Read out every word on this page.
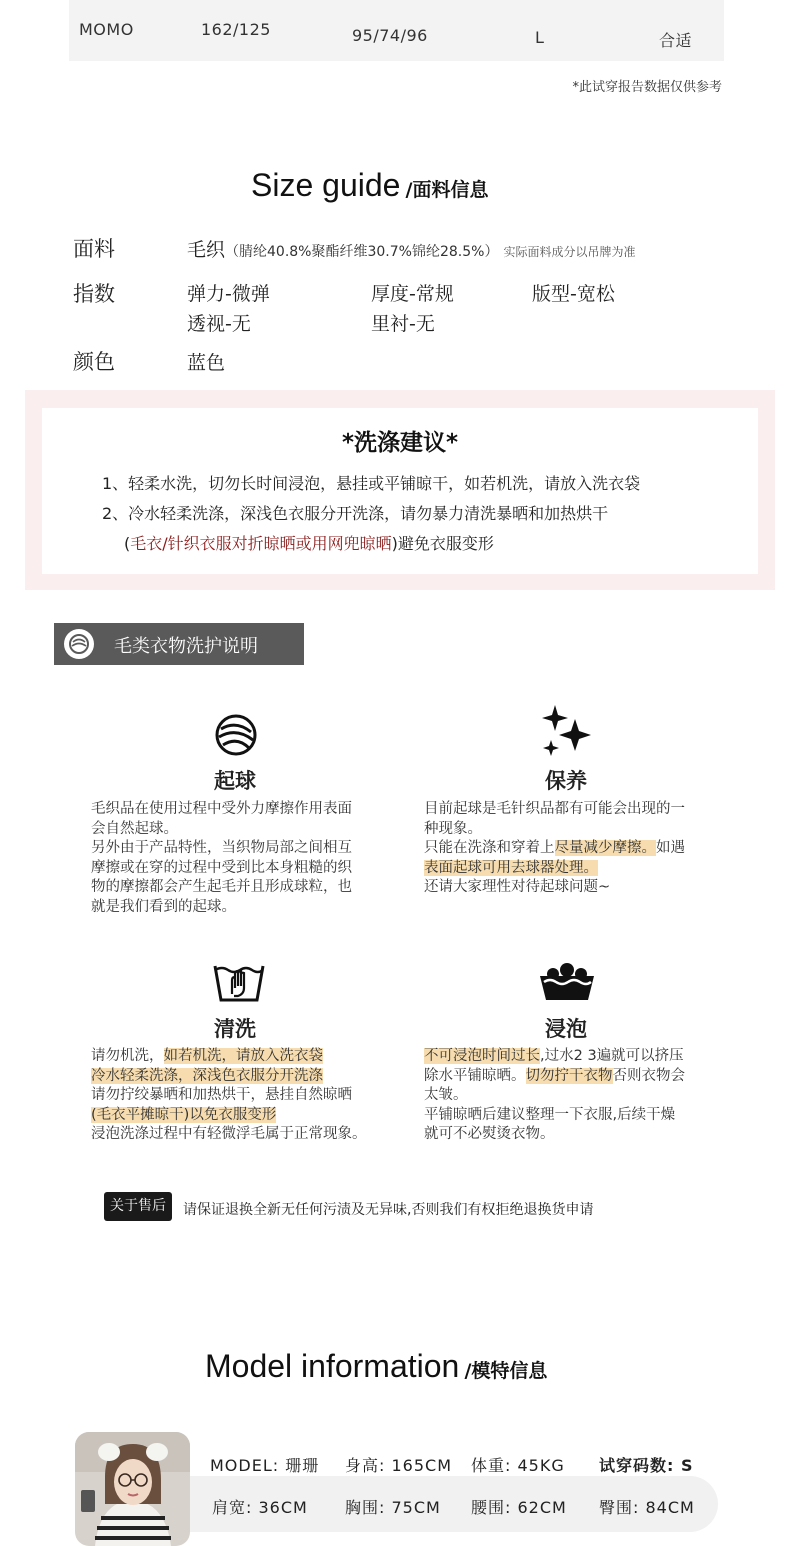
MOMO	162/125	95/74/96	L	合适
*此试穿报告数据仅供参考
Size guide /面料信息
面料	毛织（腈纶40.8%聚酯纤维30.7%锦纶28.5%） 实际面料成分以吊牌为准
指数	弹力-微弹	厚度-常规	版型-宽松
透视-无	里衬-无
颜色	蓝色
*洗涤建议*
1、轻柔水洗，切勿长时间浸泡，悬挂或平铺晾干，如若机洗，请放入洗衣袋
2、冷水轻柔洗涤，深浅色衣服分开洗涤，请勿暴力清洗暴晒和加热烘干
(毛衣/针织衣服对折晾晒或用网兜晾晒)避免衣服变形
毛类衣物洗护说明
起球
毛织品在使用过程中受外力摩擦作用表面
会自然起球。
另外由于产品特性，当织物局部之间相互
摩擦或在穿的过程中受到比本身粗糙的织
物的摩擦都会产生起毛并且形成球粒，也
就是我们看到的起球。
保养
目前起球是毛针织品都有可能会出现的一
种现象。
只能在洗涤和穿着上尽量减少摩擦。如遇
表面起球可用去球器处理。
还请大家理性对待起球问题~
清洗
请勿机洗，如若机洗，请放入洗衣袋
冷水轻柔洗涤，深浅色衣服分开洗涤
请勿拧绞暴晒和加热烘干，悬挂自然晾晒
(毛衣平摊晾干)以免衣服变形
浸泡洗涤过程中有轻微浮毛属于正常现象。
浸泡
不可浸泡时间过长,过水2 3遍就可以挤压
除水平铺晾晒。切勿拧干衣物否则衣物会
太皱。
平铺晾晒后建议整理一下衣服,后续干燥
就可不必熨烫衣物。
关于售后	请保证退换全新无任何污渍及无异味,否则我们有权拒绝退换货申请
Model information /模特信息
MODEL: 珊珊 身高: 165CM 体重: 45KG 试穿码数: S
肩宽: 36CM 胸围: 75CM 腰围: 62CM 臀围: 84CM
